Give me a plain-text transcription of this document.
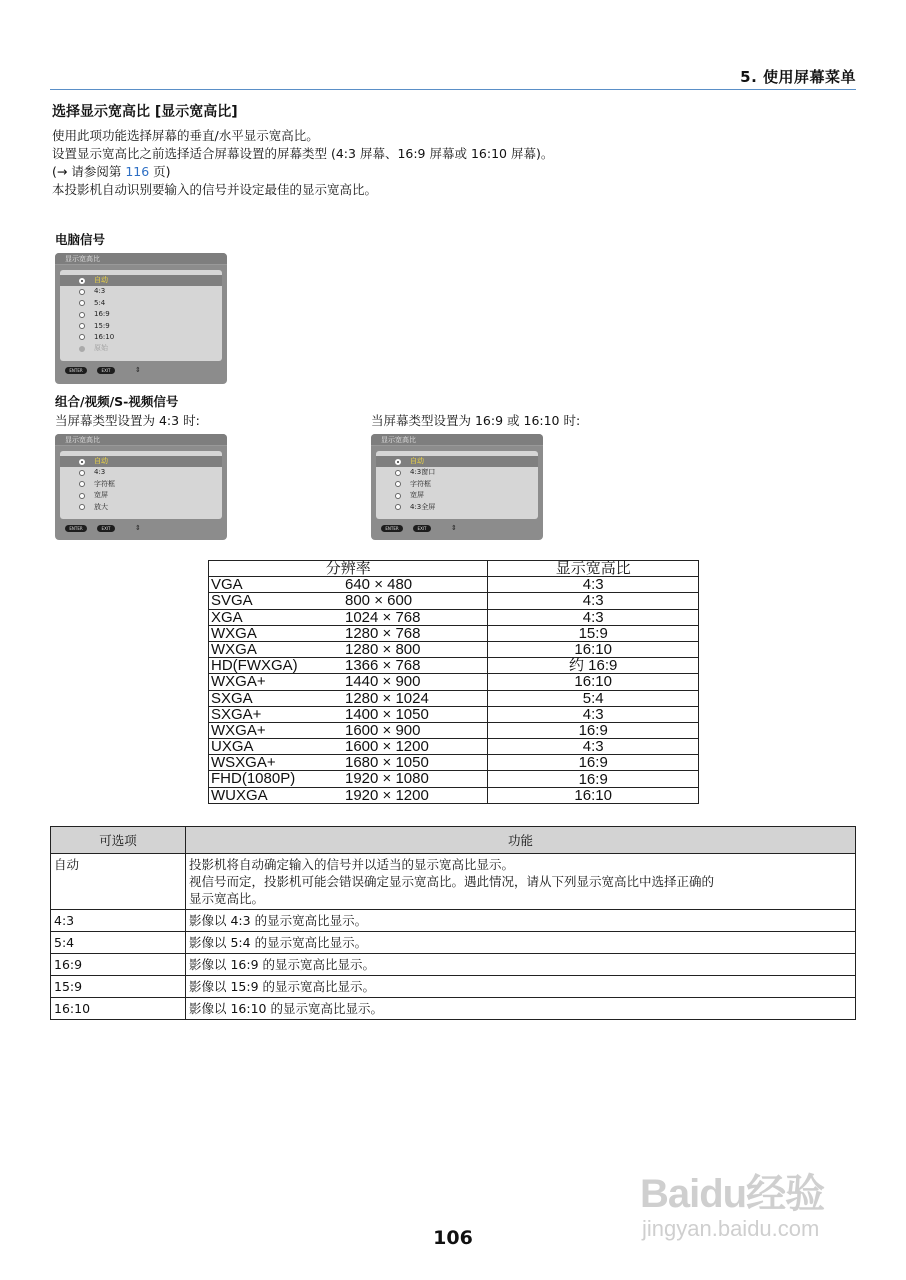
5. 使用屏幕菜单
选择显示宽高比 [显示宽高比]
使用此项功能选择屏幕的垂直/水平显示宽高比。
设置显示宽高比之前选择适合屏幕设置的屏幕类型 (4:3 屏幕、16:9 屏幕或 16:10 屏幕)。
(→ 请参阅第 116 页)
本投影机自动识别要输入的信号并设定最佳的显示宽高比。
电脑信号
显示宽高比
自动
4:3
5:4
16:9
15:9
16:10
原始
ENTER	EXIT	⇕
组合/视频/S-视频信号
当屏幕类型设置为 4:3 时:	当屏幕类型设置为 16:9 或 16:10 时:
显示宽高比
自动
4:3
字符框
宽屏
放大
ENTER	EXIT	⇕
显示宽高比
自动
4:3窗口
字符框
宽屏
4:3全屏
ENTER	EXIT	⇕
分辨率	显示宽高比

VGA 640 × 480	4:3

SVGA 800 × 600	4:3

XGA 1024 × 768	4:3

WXGA 1280 × 768	15:9

WXGA 1280 × 800	16:10

HD(FWXGA) 1366 × 768	约 16:9

WXGA+ 1440 × 900	16:10

SXGA 1280 × 1024	5:4

SXGA+ 1400 × 1050	4:3

WXGA+ 1600 × 900	16:9

UXGA 1600 × 1200	4:3

WSXGA+ 1680 × 1050	16:9

FHD(1080P) 1920 × 1080	16:9

WUXGA 1920 × 1200	16:10
可选项	功能
自动	投影机将自动确定输入的信号并以适当的显示宽高比显示。
视信号而定，投影机可能会错误确定显示宽高比。遇此情况，请从下列显示宽高比中选择正确的
显示宽高比。

4:3	影像以 4:3 的显示宽高比显示。

5:4	影像以 5:4 的显示宽高比显示。

16:9	影像以 16:9 的显示宽高比显示。

15:9	影像以 15:9 的显示宽高比显示。

16:10	影像以 16:10 的显示宽高比显示。
106
Baidu经验
jingyan.baidu.com
